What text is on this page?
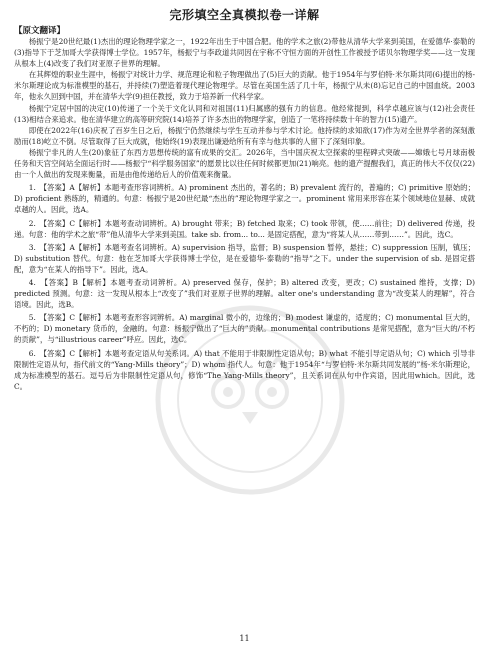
完形填空全真模拟卷一详解
【原文翻译】

杨振宁是20世纪最(1)杰出的理论物理学家之一，1922年出生于中国合肥。他的学术之旅(2)带他从清华大学来到美国，在爱德华·泰勒的(3)指导下于芝加哥大学获得博士学位。1957年，杨振宁与李政道共同因在宇称不守恒方面的开创性工作被授予诺贝尔物理学奖——这一发现从根本上(4)改变了我们对亚原子世界的理解。

在其辉煌的职业生涯中，杨振宁对统计力学、规范理论和粒子物理做出了(5)巨大的贡献。他于1954年与罗伯特·米尔斯共同(6)提出的杨-米尔斯理论成为标准模型的基石，并持续(7)塑造着现代理论物理学。尽管在美国生活了几十年，杨振宁从未(8)忘记自己的中国血统。2003年，他永久回到中国，并在清华大学(9)担任教授，致力于培养新一代科学家。

杨振宁定居中国的决定(10)传递了一个关于文化认同和对祖国(11)归属感的强有力的信息。他经常提到，科学卓越应该与(12)社会责任(13)相结合来追求。他在清华建立的高等研究院(14)培养了许多杰出的物理学家，创造了一笔将持续数十年的智力(15)遗产。

即使在2022年(16)庆祝了百岁生日之后，杨振宁仍然继续与学生互动并参与学术讨论。他持续的求知欲(17)作为对全世界学者的深刻激励而(18)屹立不倒。尽管取得了巨大成就，他始终(19)表现出谦逊给所有有幸与他共事的人留下了深刻印象。

杨振宁非凡的人生(20)象征了东西方思想传统的富有成果的交汇。2026年，当中国庆祝太空探索的里程碑式突破——嫦娥七号月球南极任务和天宫空间站全面运行时——杨振宁“科学服务国家”的愿景比以往任何时候都更加(21)响亮。他的遗产提醒我们，真正的伟大不仅仅(22)由一个人做出的发现来衡量，而是由他传递给后人的价值观来衡量。

1.　【答案】A【解析】本题考查形容词辨析。A) prominent 杰出的，著名的；B) prevalent 流行的，普遍的；C) primitive 原始的；D) proficient 熟练的，精通的。句意：杨振宁是20世纪最“杰出的”理论物理学家之一。prominent 常用来形容在某个领域地位显赫、成就卓越的人。因此，选A。

2.　【答案】C【解析】本题考查动词辨析。A) brought 带来；B) fetched 取来；C) took 带领，使……前往；D) delivered 传递，投递。句意：他的学术之旅“带”他从清华大学来到美国。take sb. from... to... 是固定搭配，意为“将某人从……带到……”。因此，选C。

3.　【答案】A【解析】本题考查名词辨析。A) supervision 指导，监督；B) suspension 暂停，悬挂；C) suppression 压制，镇压；D) substitution 替代。句意：他在芝加哥大学获得博士学位，是在爱德华·泰勒的“指导”之下。under the supervision of sb. 是固定搭配，意为“在某人的指导下”。因此，选A。

4.　【答案】B【解析】本题考查动词辨析。A) preserved 保存，保护；B) altered 改变，更改；C) sustained 维持，支撑；D) predicted 预测。句意：这一发现从根本上“改变了”我们对亚原子世界的理解。alter one's understanding 意为“改变某人的理解”，符合语境。因此，选B。

5.　【答案】C【解析】本题考查形容词辨析。A) marginal 微小的，边缘的；B) modest 谦虚的，适度的；C) monumental 巨大的，不朽的；D) monetary 货币的，金融的。句意：杨振宁做出了“巨大的”贡献。monumental contributions 是常见搭配，意为“巨大的/不朽的贡献”，与“illustrious career”呼应。因此，选C。

6.　【答案】C【解析】本题考查定语从句关系词。A) that 不能用于非限制性定语从句；B) what 不能引导定语从句；C) which 引导非限制性定语从句，指代前文的“Yang-Mills theory”；D) whom 指代人。句意：他于1954年“与罗伯特·米尔斯共同发展的”杨-米尔斯理论，成为标准模型的基石。逗号后为非限制性定语从句，修饰“The Yang-Mills theory”，且关系词在从句中作宾语，因此用which。因此，选C。

11
